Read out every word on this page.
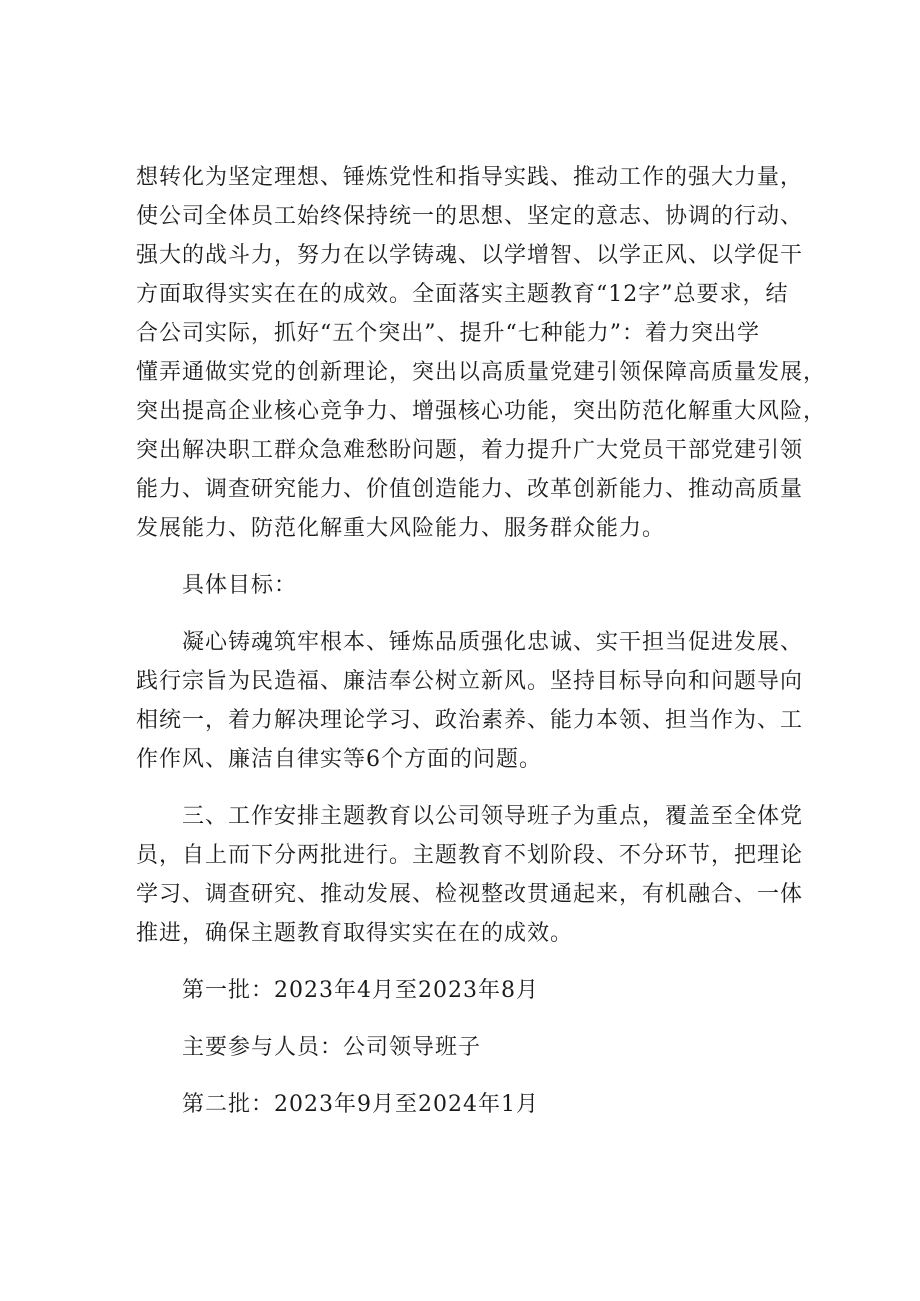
想转化为坚定理想、锤炼党性和指导实践、推动工作的强大力量，
使公司全体员工始终保持统一的思想、坚定的意志、协调的行动、
强大的战斗力，努力在以学铸魂、以学增智、以学正风、以学促干
方面取得实实在在的成效。全面落实主题教育“12字”总要求，结
合公司实际，抓好“五个突出”、提升“七种能力”：着力突出学
懂弄通做实党的创新理论，突出以高质量党建引领保障高质量发展，
突出提高企业核心竞争力、增强核心功能，突出防范化解重大风险，
突出解决职工群众急难愁盼问题，着力提升广大党员干部党建引领
能力、调查研究能力、价值创造能力、改革创新能力、推动高质量
发展能力、防范化解重大风险能力、服务群众能力。

具体目标：

凝心铸魂筑牢根本、锤炼品质强化忠诚、实干担当促进发展、
践行宗旨为民造福、廉洁奉公树立新风。坚持目标导向和问题导向
相统一，着力解决理论学习、政治素养、能力本领、担当作为、工
作作风、廉洁自律实等6个方面的问题。

三、工作安排主题教育以公司领导班子为重点，覆盖至全体党
员，自上而下分两批进行。主题教育不划阶段、不分环节，把理论
学习、调查研究、推动发展、检视整改贯通起来，有机融合、一体
推进，确保主题教育取得实实在在的成效。

第一批：2023年4月至2023年8月

主要参与人员：公司领导班子

第二批：2023年9月至2024年1月
